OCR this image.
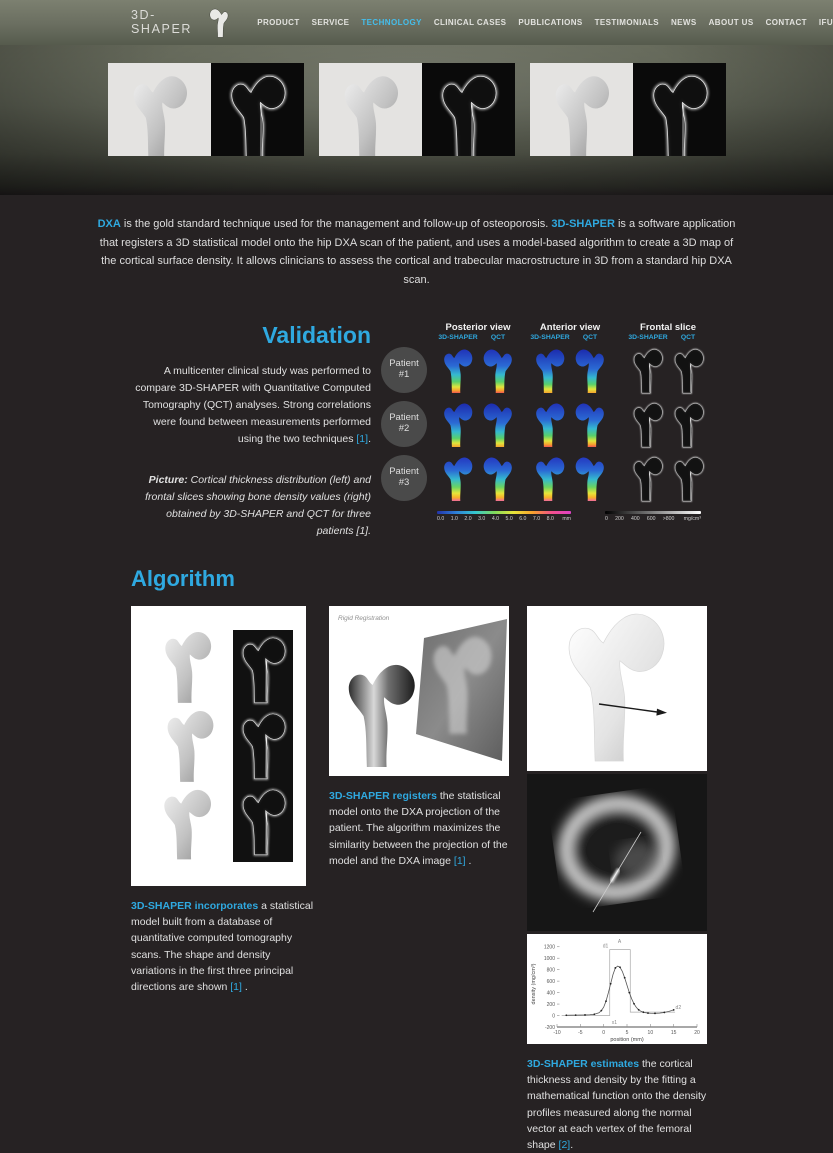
3D-SHAPER	PRODUCT SERVICE TECHNOLOGY CLINICAL CASES PUBLICATIONS TESTIMONIALS NEWS ABOUT US CONTACT IFU

DXA is the gold standard technique used for the management and follow-up of osteoporosis. 3D-SHAPER is a software application that registers a 3D statistical model onto the hip DXA scan of the patient, and uses a model-based algorithm to create a 3D map of the cortical surface density. It allows clinicians to assess the cortical and trabecular macrostructure in 3D from a standard hip DXA scan.

Validation

A multicenter clinical study was performed to compare 3D-SHAPER with Quantitative Computed Tomography (QCT) analyses. Strong correlations were found between measurements performed using the two techniques [1].

Picture: Cortical thickness distribution (left) and frontal slices showing bone density values (right) obtained by 3D-SHAPER and QCT for three patients [1].

Posterior view
3D-SHAPER	QCT
Anterior view
3D-SHAPER	QCT
Frontal slice
3D-SHAPER	QCT
Patient #1
Patient #2
Patient #3
0.0 1.0 2.0 3.0 4.0 5.0 6.0 7.0 8.0 mm	0 200 400 600 >800 mg/cm³
Algorithm

3D-SHAPER incorporates a statistical model built from a database of quantitative computed tomography scans. The shape and density variations in the first three principal directions are shown [1] .

Rigid Registration

3D-SHAPER registers the statistical model onto the DXA projection of the patient. The algorithm maximizes the similarity between the projection of the model and the DXA image [1] .

-10	-5	0	5	10	15	20
-200
0
200
400
600
800
1000
1200	d1
A
x1
d2
position (mm)
density (mg/cm³)

3D-SHAPER estimates the cortical thickness and density by the fitting a mathematical function onto the density profiles measured along the normal vector at each vertex of the femoral shape [2].
